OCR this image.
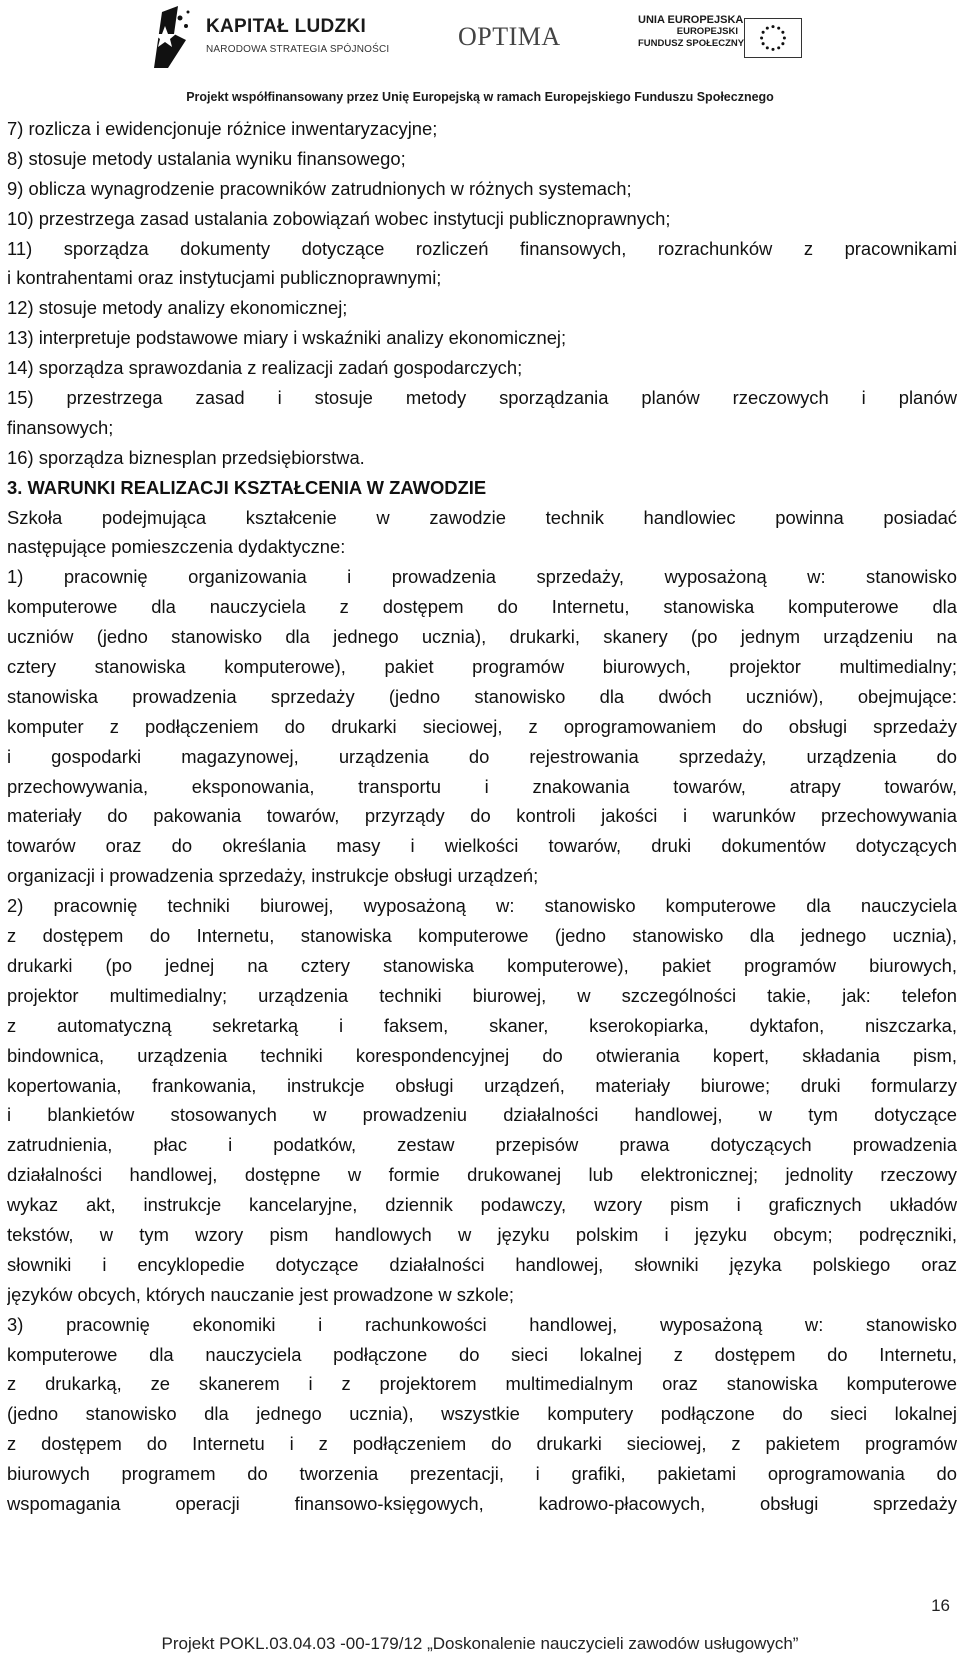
KAPITAŁ LUDZKI
NARODOWA STRATEGIA SPÓJNOŚCI	OPTIMA
UNIA EUROPEJSKA
EUROPEJSKI
FUNDUSZ SPOŁECZNY
Projekt współfinansowany przez Unię Europejską w ramach Europejskiego Funduszu Społecznego
7) rozlicza i ewidencjonuje różnice inwentaryzacyjne;
8) stosuje metody ustalania wyniku finansowego;
9) oblicza wynagrodzenie pracowników zatrudnionych w różnych systemach;
10) przestrzega zasad ustalania zobowiązań wobec instytucji publicznoprawnych;
11) sporządza dokumenty dotyczące rozliczeń finansowych, rozrachunków z pracownikami
i kontrahentami oraz instytucjami publicznoprawnymi;
12) stosuje metody analizy ekonomicznej;
13) interpretuje podstawowe miary i wskaźniki analizy ekonomicznej;
14) sporządza sprawozdania z realizacji zadań gospodarczych;
15) przestrzega zasad i stosuje metody sporządzania planów rzeczowych i planów
finansowych;
16) sporządza biznesplan przedsiębiorstwa.
3. WARUNKI REALIZACJI KSZTAŁCENIA W ZAWODZIE
Szkoła podejmująca kształcenie w zawodzie technik handlowiec powinna posiadać
następujące pomieszczenia dydaktyczne:
1) pracownię organizowania i prowadzenia sprzedaży, wyposażoną w: stanowisko
komputerowe dla nauczyciela z dostępem do Internetu, stanowiska komputerowe dla
uczniów (jedno stanowisko dla jednego ucznia), drukarki, skanery (po jednym urządzeniu na
cztery stanowiska komputerowe), pakiet programów biurowych, projektor multimedialny;
stanowiska prowadzenia sprzedaży (jedno stanowisko dla dwóch uczniów), obejmujące:
komputer z podłączeniem do drukarki sieciowej, z oprogramowaniem do obsługi sprzedaży
i gospodarki magazynowej, urządzenia do rejestrowania sprzedaży, urządzenia do
przechowywania, eksponowania, transportu i znakowania towarów, atrapy towarów,
materiały do pakowania towarów, przyrządy do kontroli jakości i warunków przechowywania
towarów oraz do określania masy i wielkości towarów, druki dokumentów dotyczących
organizacji i prowadzenia sprzedaży, instrukcje obsługi urządzeń;
2) pracownię techniki biurowej, wyposażoną w: stanowisko komputerowe dla nauczyciela
z dostępem do Internetu, stanowiska komputerowe (jedno stanowisko dla jednego ucznia),
drukarki (po jednej na cztery stanowiska komputerowe), pakiet programów biurowych,
projektor multimedialny; urządzenia techniki biurowej, w szczególności takie, jak: telefon
z automatyczną sekretarką i faksem, skaner, kserokopiarka, dyktafon, niszczarka,
bindownica, urządzenia techniki korespondencyjnej do otwierania kopert, składania pism,
kopertowania, frankowania, instrukcje obsługi urządzeń, materiały biurowe; druki formularzy
i blankietów stosowanych w prowadzeniu działalności handlowej, w tym dotyczące
zatrudnienia, płac i podatków, zestaw przepisów prawa dotyczących prowadzenia
działalności handlowej, dostępne w formie drukowanej lub elektronicznej; jednolity rzeczowy
wykaz akt, instrukcje kancelaryjne, dziennik podawczy, wzory pism i graficznych układów
tekstów, w tym wzory pism handlowych w języku polskim i języku obcym; podręczniki,
słowniki i encyklopedie dotyczące działalności handlowej, słowniki języka polskiego oraz
języków obcych, których nauczanie jest prowadzone w szkole;
3) pracownię ekonomiki i rachunkowości handlowej, wyposażoną w: stanowisko
komputerowe dla nauczyciela podłączone do sieci lokalnej z dostępem do Internetu,
z drukarką, ze skanerem i z projektorem multimedialnym oraz stanowiska komputerowe
(jedno stanowisko dla jednego ucznia), wszystkie komputery podłączone do sieci lokalnej
z dostępem do Internetu i z podłączeniem do drukarki sieciowej, z pakietem programów
biurowych programem do tworzenia prezentacji, i grafiki, pakietami oprogramowania do
wspomagania operacji finansowo-księgowych, kadrowo-płacowych, obsługi sprzedaży
16
Projekt POKL.03.04.03 -00-179/12 „Doskonalenie nauczycieli zawodów usługowych”
